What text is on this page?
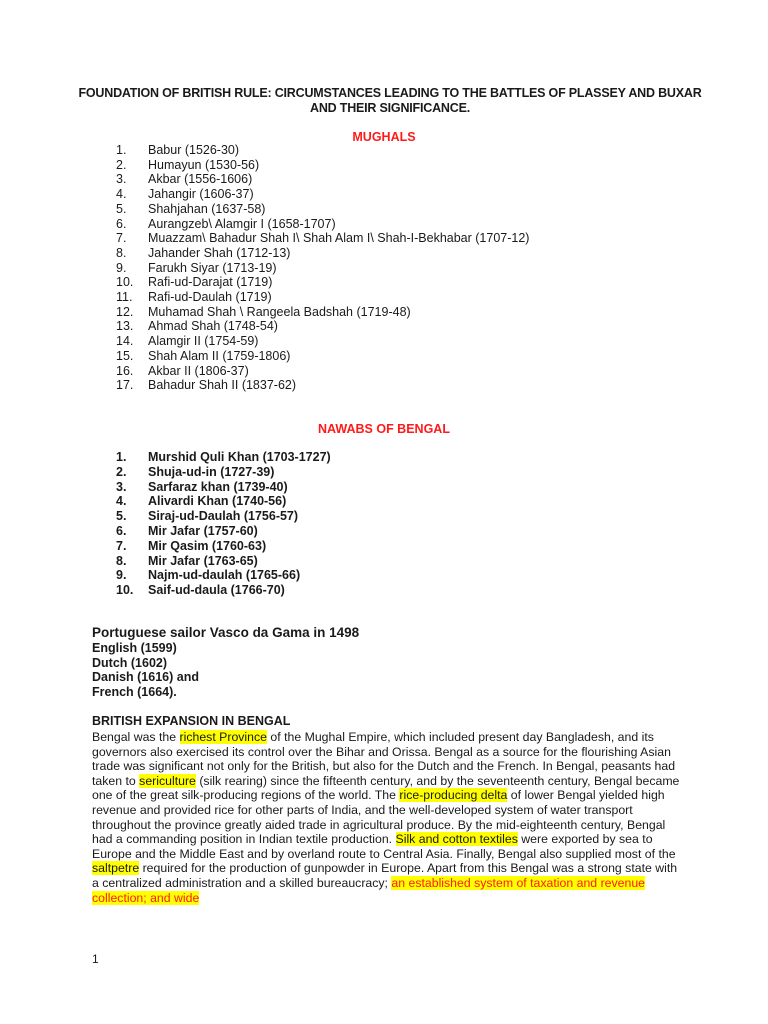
FOUNDATION OF BRITISH RULE: CIRCUMSTANCES LEADING TO THE BATTLES OF PLASSEY AND BUXAR
AND THEIR SIGNIFICANCE.
MUGHALS
1.	Babur (1526-30)
2.	Humayun (1530-56)
3.	Akbar (1556-1606)
4.	Jahangir (1606-37)
5.	Shahjahan (1637-58)
6.	Aurangzeb\ Alamgir I (1658-1707)
7.	Muazzam\ Bahadur Shah I\ Shah Alam I\ Shah-I-Bekhabar (1707-12)
8.	Jahander Shah (1712-13)
9.	Farukh Siyar (1713-19)
10.	Rafi-ud-Darajat (1719)
11.	Rafi-ud-Daulah (1719)
12.	Muhamad Shah \ Rangeela Badshah (1719-48)
13.	Ahmad Shah (1748-54)
14.	Alamgir II (1754-59)
15.	Shah Alam II (1759-1806)
16.	Akbar II (1806-37)
17.	Bahadur Shah II (1837-62)
NAWABS OF BENGAL
1.	Murshid Quli Khan (1703-1727)
2.	Shuja-ud-in (1727-39)
3.	Sarfaraz khan (1739-40)
4.	Alivardi Khan (1740-56)
5.	Siraj-ud-Daulah (1756-57)
6.	Mir Jafar (1757-60)
7.	Mir Qasim (1760-63)
8.	Mir Jafar (1763-65)
9.	Najm-ud-daulah (1765-66)
10.	Saif-ud-daula (1766-70)
Portuguese sailor Vasco da Gama in 1498
English (1599)
Dutch (1602)
Danish (1616) and
French (1664).
BRITISH EXPANSION IN BENGAL
Bengal was the richest Province of the Mughal Empire, which included present day Bangladesh, and its governors also exercised its control over the Bihar and Orissa. Bengal as a source for the flourishing Asian trade was significant not only for the British, but also for the Dutch and the French. In Bengal, peasants had taken to sericulture (silk rearing) since the fifteenth century, and by the seventeenth century, Bengal became one of the great silk-producing regions of the world. The rice-producing delta of lower Bengal yielded high revenue and provided rice for other parts of India, and the well-developed system of water transport throughout the province greatly aided trade in agricultural produce. By the mid-eighteenth century, Bengal had a commanding position in Indian textile production. Silk and cotton textiles were exported by sea to Europe and the Middle East and by overland route to Central Asia. Finally, Bengal also supplied most of the saltpetre required for the production of gunpowder in Europe. Apart from this Bengal was a strong state with a centralized administration and a skilled bureaucracy; an established system of taxation and revenue collection; and wide
1
